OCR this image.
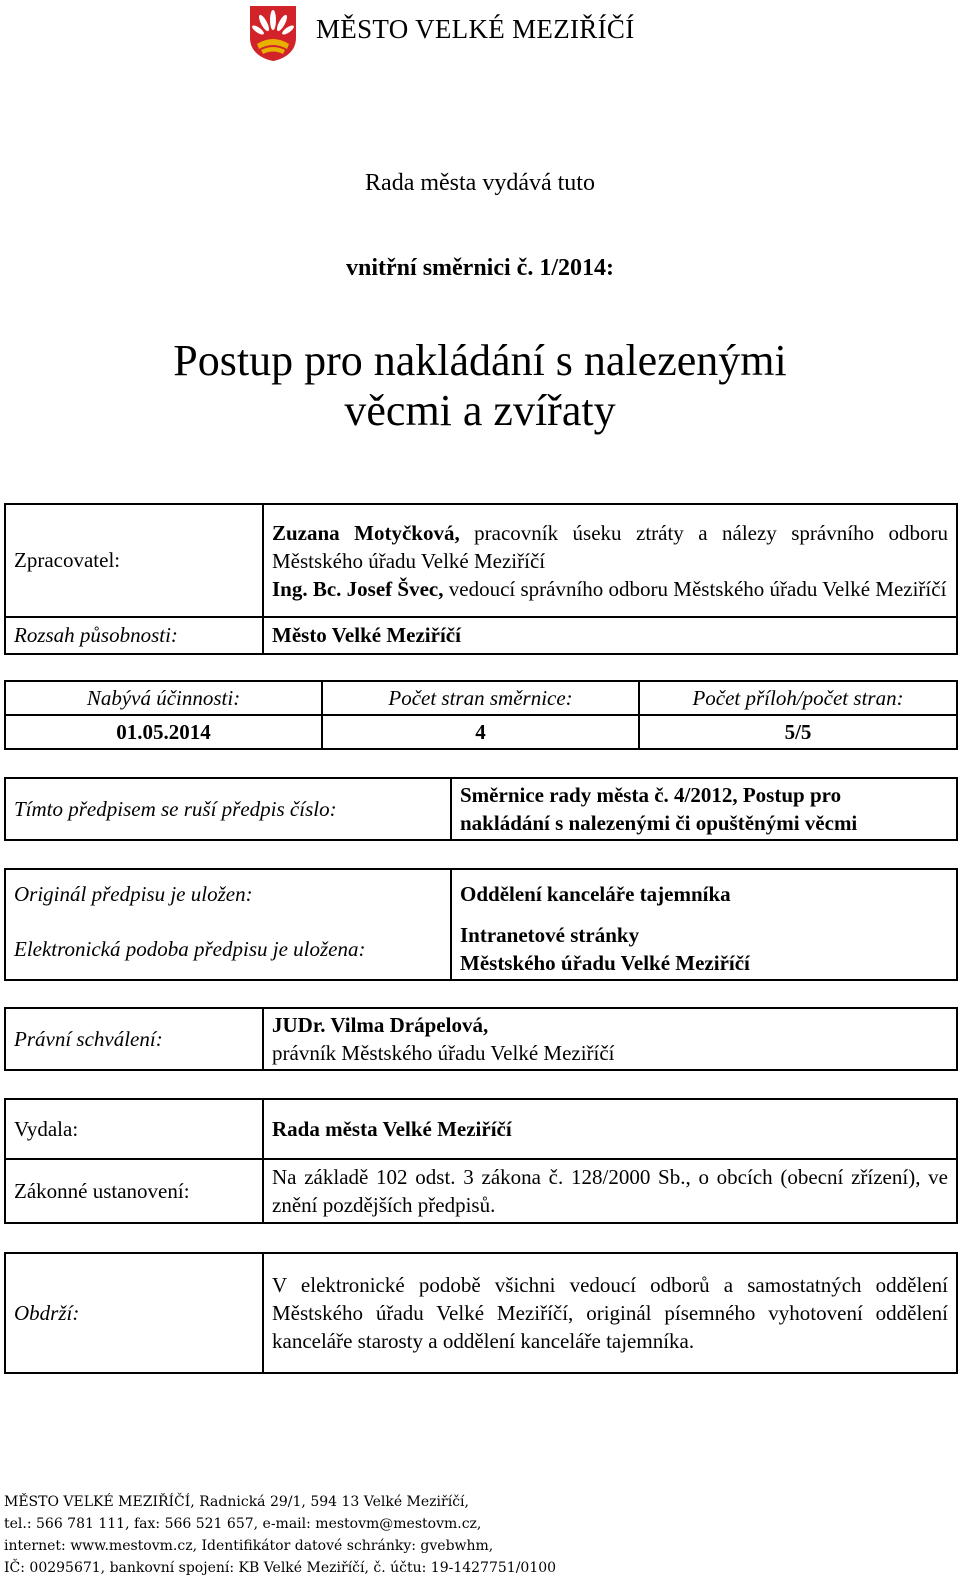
MĚSTO VELKÉ MEZIŘÍČÍ
Rada města vydává tuto
vnitřní směrnici č. 1/2014:
Postup pro nakládání s nalezenými
věcmi a zvířaty
Zpracovatel:	Zuzana Motyčková, pracovník úseku ztráty a nálezy správního odboru Městského úřadu Velké Meziříčí
Ing. Bc. Josef Švec, vedoucí správního odboru Městského úřadu Velké Meziříčí

Rozsah působnosti:	Město Velké Meziříčí
Nabývá účinnosti:	Počet stran směrnice:	Počet příloh/počet stran:
01.05.2014	4	5/5
Tímto předpisem se ruší předpis číslo:	
Směrnice rady města č. 4/2012, Postup pro
nakládání s nalezenými či opuštěnými věcmi
Originál předpisu je uložen:	Oddělení kanceláře tajemníka
Elektronická podoba předpisu je uložena:	Intranetové stránky
Městského úřadu Velké Meziříčí
Právní schválení:	
JUDr. Vilma Drápelová,
právník Městského úřadu Velké Meziříčí
Vydala:	Rada města Velké Meziříčí
Zákonné ustanovení:	Na základě 102 odst. 3 zákona č. 128/2000 Sb., o obcích (obecní zřízení), ve znění pozdějších předpisů.
Obdrží:	V elektronické podobě všichni vedoucí odborů a samostatných oddělení Městského úřadu Velké Meziříčí, originál písemného vyhotovení oddělení kanceláře starosty a oddělení kanceláře tajemníka.
MĚSTO VELKÉ MEZIŘÍČÍ, Radnická 29/1, 594 13 Velké Meziříčí,
tel.: 566 781 111, fax: 566 521 657, e-mail: mestovm@mestovm.cz,
internet: www.mestovm.cz, Identifikátor datové schránky: gvebwhm,
IČ: 00295671, bankovní spojení: KB Velké Meziříčí, č. účtu: 19-1427751/0100
